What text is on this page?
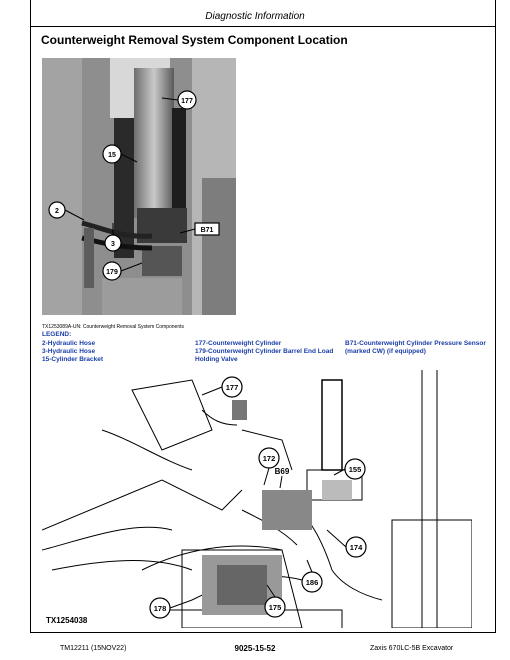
Diagnostic Information
Counterweight Removal System Component Location
177
15
2
3
B71
179
TX1253089A-UN: Counterweight Removal System Components
LEGEND:
2-Hydraulic Hose
3-Hydraulic Hose
15-Cylinder Bracket
177-Counterweight Cylinder
179-Counterweight Cylinder Barrel End Load
Holding Valve
B71-Counterweight Cylinder Pressure Sensor
(marked CW) (if equipped)
177
172
B69	155
174
186
178	175
TX1254038
TM12211 (15NOV22)	9025-15-52	Zaxis 670LC-5B Excavator
